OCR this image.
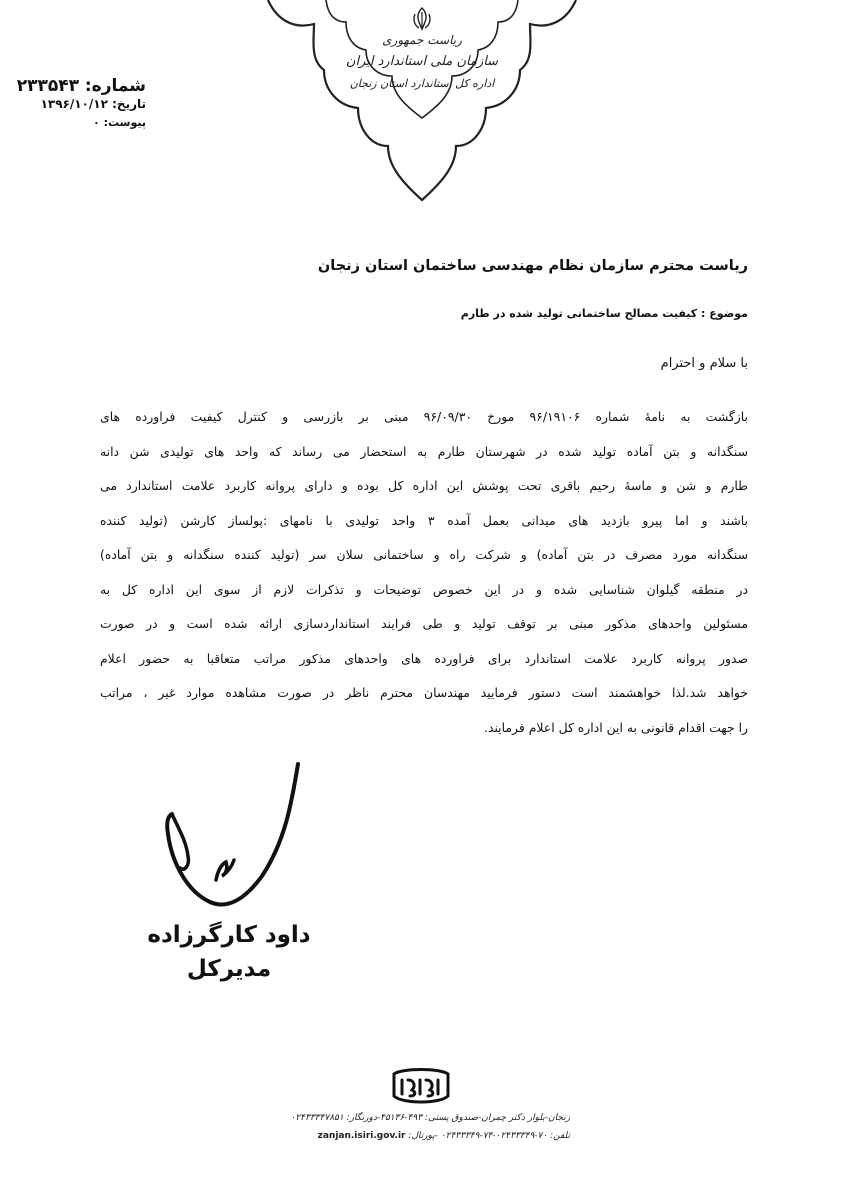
ریاست جمهوری
سازمان ملی استاندارد ایران
اداره کل استاندارد استان زنجان
شماره: ۲۳۳۵۴۳
تاریخ: ۱۳۹۶/۱۰/۱۲
پیوست: ۰
ریاست محترم سازمان نظام مهندسی ساختمان استان زنجان
موضوع : کیفیت مصالح ساختمانی تولید شده در طارم
با سلام و احترام
بازگشت به نامهٔ شماره ۹۶/۱۹۱۰۶ مورخ ۹۶/۰۹/۳۰ مبنی بر بازرسی و کنترل کیفیت فراورده های
سنگدانه و بتن آماده تولید شده در شهرستان طارم به استحضار می رساند که واحد های تولیدی شن دانه
طارم و شن و ماسهٔ رحیم باقری تحت پوشش این اداره کل بوده و دارای پروانه کاربرد علامت استاندارد می
باشند و اما پیرو بازدید های میدانی بعمل آمده ۳ واحد تولیدی با نامهای :پولساز کارشن (تولید کننده
سنگدانه مورد مصرف در بتن آماده) و شرکت راه و ساختمانی سلان سر (تولید کننده سنگدانه و بتن آماده)
در منطقه گیلوان شناسایی شده و در این خصوص توضیحات و تذکرات لازم از سوی این اداره کل به
مسئولین واحدهای مذکور مبنی بر توقف تولید و طی فرایند استانداردسازی ارائه شده است و در صورت
صدور پروانه کاربرد علامت استاندارد برای فراورده های واحدهای مذکور مراتب متعاقبا به حضور اعلام
خواهد شد.لذا خواهشمند است دستور فرمایید مهندسان محترم ناظر در صورت مشاهده موارد غیر ، مراتب
را جهت اقدام قانونی به این اداره کل اعلام فرمایند.
داود کارگرزاده
مدیرکل
زنجان-بلوار دکتر چمران-صندوق پستی: ۴۹۳-۴۵۱۳۶-دورنگار: ۰۲۴۳۳۳۴۷۸۵۱
تلفن: ۷۰-۰۲۴۳۳۳۴۹-۷۴-۰۲۴۳۳۳۴۹ -پورتال: zanjan.isiri.gov.ir
